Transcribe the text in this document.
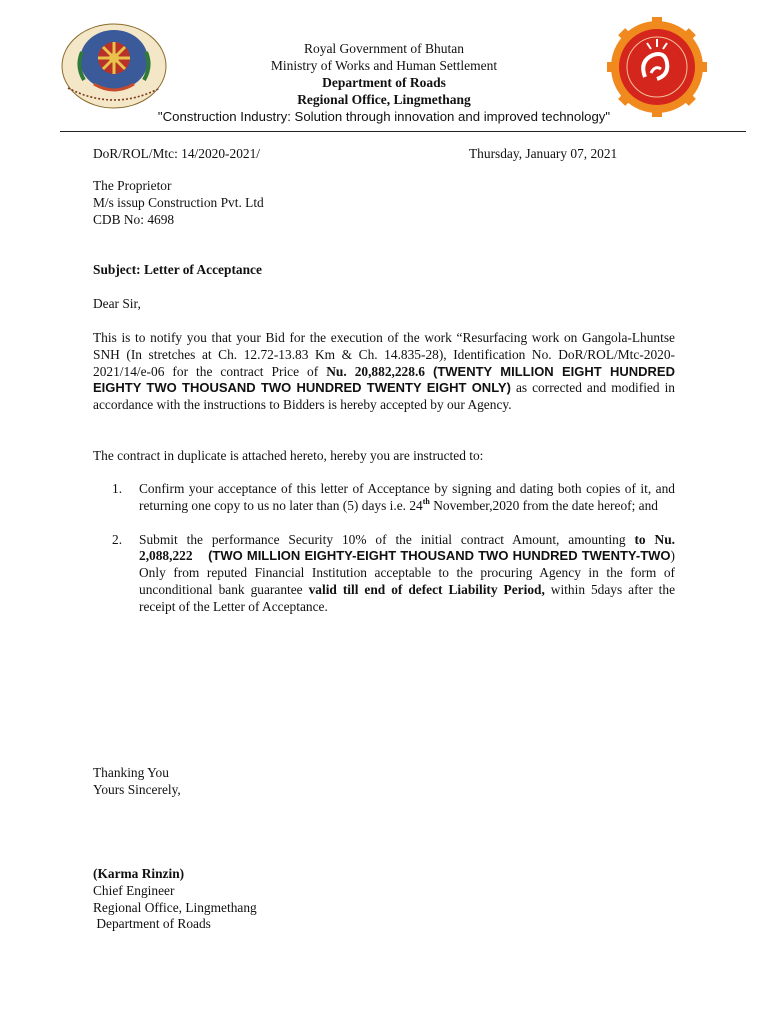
Royal Government of Bhutan
Ministry of Works and Human Settlement
Department of Roads
Regional Office, Lingmethang
"Construction Industry: Solution through innovation and improved technology"
DoR/ROL/Mtc: 14/2020-2021/	Thursday, January 07, 2021
The Proprietor
M/s issup Construction Pvt. Ltd
CDB No: 4698
Subject: Letter of Acceptance
Dear Sir,
This is to notify you that your Bid for the execution of the work “Resurfacing work on Gangola-Lhuntse SNH (In stretches at Ch. 12.72-13.83 Km & Ch. 14.835-28), Identification No. DoR/ROL/Mtc-2020-2021/14/e-06 for the contract Price of Nu. 20,882,228.6 (TWENTY MILLION EIGHT HUNDRED EIGHTY TWO THOUSAND TWO HUNDRED TWENTY EIGHT ONLY) as corrected and modified in accordance with the instructions to Bidders is hereby accepted by our Agency.
The contract in duplicate is attached hereto, hereby you are instructed to:
1. Confirm your acceptance of this letter of Acceptance by signing and dating both copies of it, and returning one copy to us no later than (5) days i.e. 24th November,2020 from the date hereof; and
2. Submit the performance Security 10% of the initial contract Amount, amounting to Nu. 2,088,222 (TWO MILLION EIGHTY-EIGHT THOUSAND TWO HUNDRED TWENTY-TWO) Only from reputed Financial Institution acceptable to the procuring Agency in the form of unconditional bank guarantee valid till end of defect Liability Period, within 5days after the receipt of the Letter of Acceptance.
Thanking You
Yours Sincerely,
(Karma Rinzin)
Chief Engineer
Regional Office, Lingmethang
Department of Roads
